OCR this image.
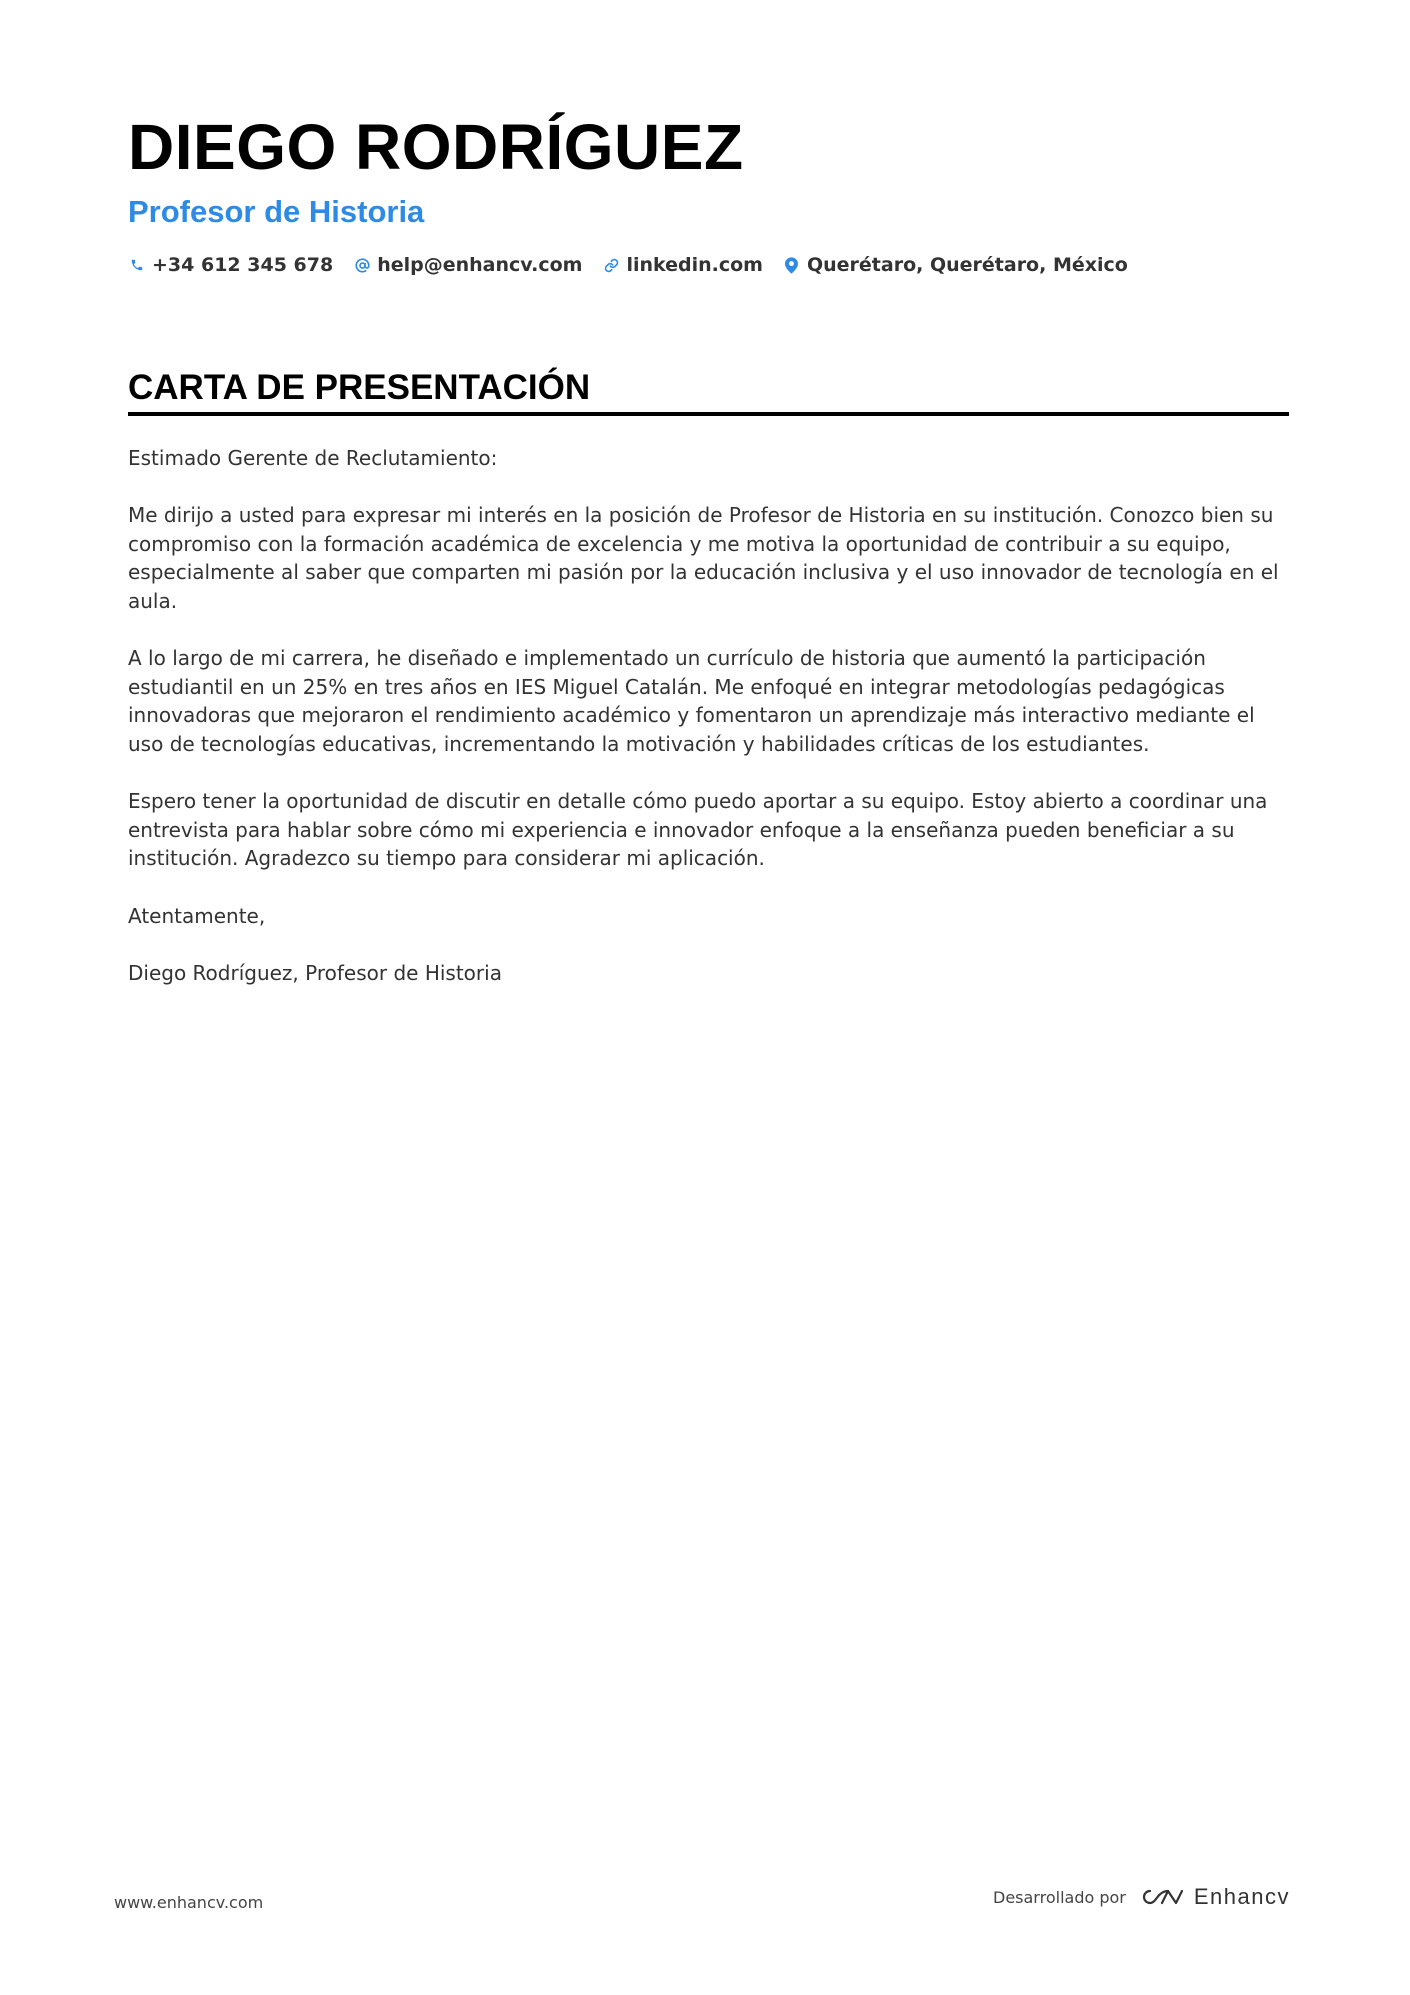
DIEGO RODRÍGUEZ
Profesor de Historia
+34 612 345 678 help@enhancv.com linkedin.com Querétaro, Querétaro, México
CARTA DE PRESENTACIÓN

Estimado Gerente de Reclutamiento:

Me dirijo a usted para expresar mi interés en la posición de Profesor de Historia en su institución. Conozco bien su compromiso con la formación académica de excelencia y me motiva la oportunidad de contribuir a su equipo, especialmente al saber que comparten mi pasión por la educación inclusiva y el uso innovador de tecnología en el aula.

A lo largo de mi carrera, he diseñado e implementado un currículo de historia que aumentó la participación estudiantil en un 25% en tres años en IES Miguel Catalán. Me enfoqué en integrar metodologías pedagógicas innovadoras que mejoraron el rendimiento académico y fomentaron un aprendizaje más interactivo mediante el uso de tecnologías educativas, incrementando la motivación y habilidades críticas de los estudiantes.

Espero tener la oportunidad de discutir en detalle cómo puedo aportar a su equipo. Estoy abierto a coordinar una entrevista para hablar sobre cómo mi experiencia e innovador enfoque a la enseñanza pueden beneficiar a su institución. Agradezco su tiempo para considerar mi aplicación.

Atentamente,

Diego Rodríguez, Profesor de Historia

www.enhancv.com	Desarrollado por	Enhancv
